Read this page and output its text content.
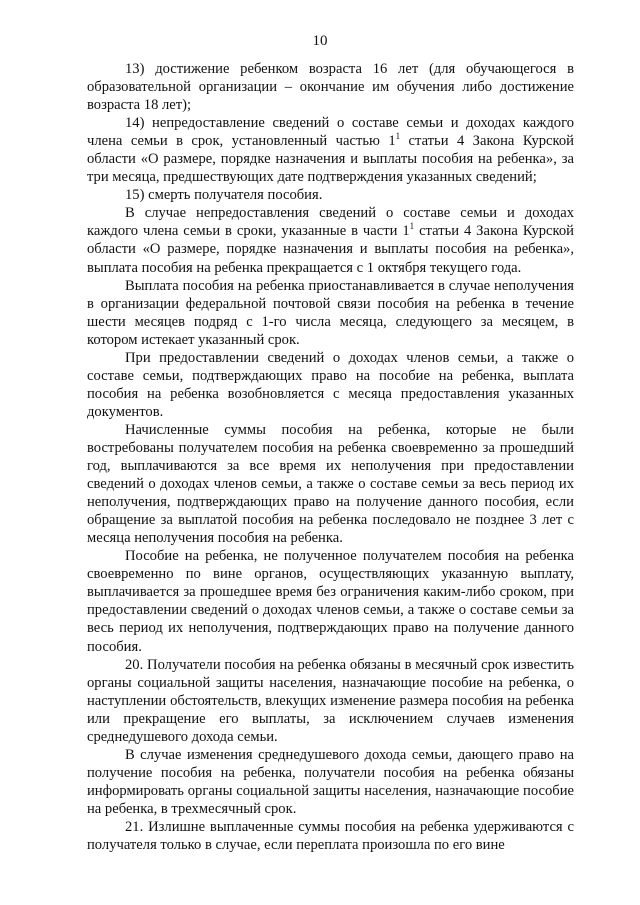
10

13) достижение ребенком возраста 16 лет (для обучающегося в образовательной организации – окончание им обучения либо достижение возраста 18 лет);

14) непредоставление сведений о составе семьи и доходах каждого члена семьи в срок, установленный частью $1^1$ статьи 4 Закона Курской области «О размере, порядке назначения и выплаты пособия на ребенка», за три месяца, предшествующих дате подтверждения указанных сведений;

15) смерть получателя пособия.

В случае непредоставления сведений о составе семьи и доходах каждого члена семьи в сроки, указанные в части $1^1$ статьи 4 Закона Курской области «О размере, порядке назначения и выплаты пособия на ребенка», выплата пособия на ребенка прекращается с 1 октября текущего года.

Выплата пособия на ребенка приостанавливается в случае неполучения в организации федеральной почтовой связи пособия на ребенка в течение шести месяцев подряд с 1-го числа месяца, следующего за месяцем, в котором истекает указанный срок.

При предоставлении сведений о доходах членов семьи, а также о составе семьи, подтверждающих право на пособие на ребенка, выплата пособия на ребенка возобновляется с месяца предоставления указанных документов.

Начисленные суммы пособия на ребенка, которые не были востребованы получателем пособия на ребенка своевременно за прошедший год, выплачиваются за все время их неполучения при предоставлении сведений о доходах членов семьи, а также о составе семьи за весь период их неполучения, подтверждающих право на получение данного пособия, если обращение за выплатой пособия на ребенка последовало не позднее 3 лет с месяца неполучения пособия на ребенка.

Пособие на ребенка, не полученное получателем пособия на ребенка своевременно по вине органов, осуществляющих указанную выплату, выплачивается за прошедшее время без ограничения каким-либо сроком, при предоставлении сведений о доходах членов семьи, а также о составе семьи за весь период их неполучения, подтверждающих право на получение данного пособия.

20. Получатели пособия на ребенка обязаны в месячный срок известить органы социальной защиты населения, назначающие пособие на ребенка, о наступлении обстоятельств, влекущих изменение размера пособия на ребенка или прекращение его выплаты, за исключением случаев изменения среднедушевого дохода семьи.

В случае изменения среднедушевого дохода семьи, дающего право на получение пособия на ребенка, получатели пособия на ребенка обязаны информировать органы социальной защиты населения, назначающие пособие на ребенка, в трехмесячный срок.

21. Излишне выплаченные суммы пособия на ребенка удерживаются с получателя только в случае, если переплата произошла по его вине
